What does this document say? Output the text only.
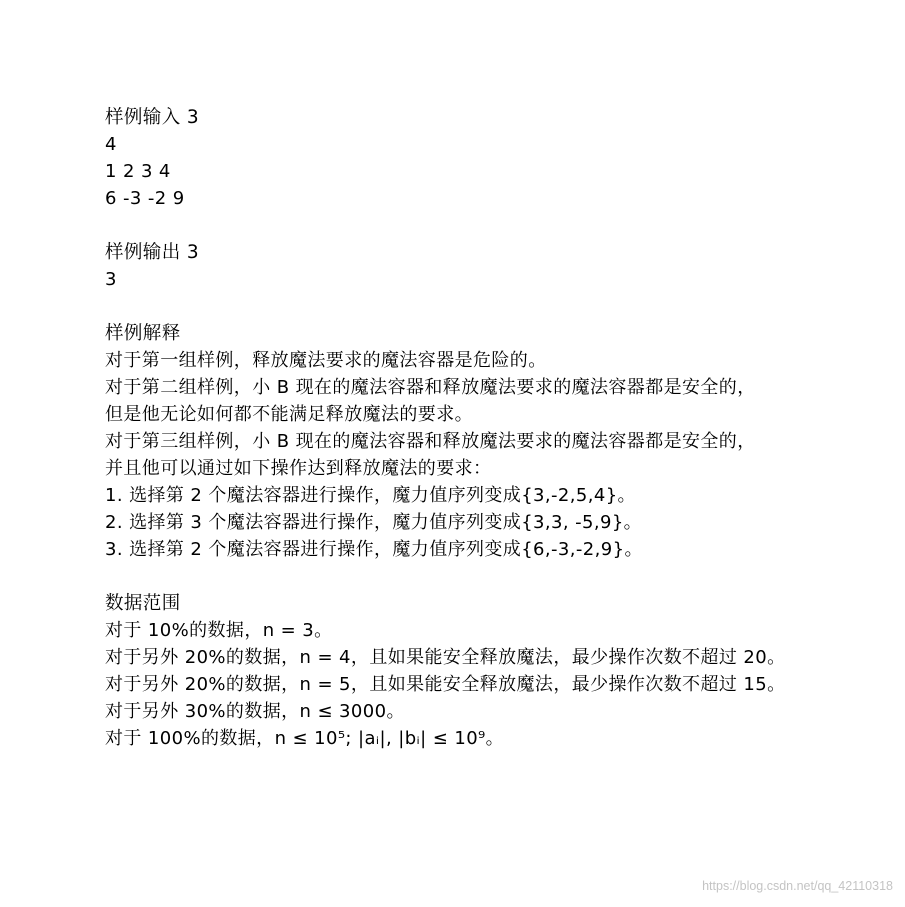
样例输入 3
4
1 2 3 4
6 -3 -2 9
样例输出 3
3
样例解释
对于第一组样例，释放魔法要求的魔法容器是危险的。
对于第二组样例，小 B 现在的魔法容器和释放魔法要求的魔法容器都是安全的，
但是他无论如何都不能满足释放魔法的要求。
对于第三组样例，小 B 现在的魔法容器和释放魔法要求的魔法容器都是安全的，
并且他可以通过如下操作达到释放魔法的要求：
1. 选择第 2 个魔法容器进行操作，魔力值序列变成{3,-2,5,4}。
2. 选择第 3 个魔法容器进行操作，魔力值序列变成{3,3, -5,9}。
3. 选择第 2 个魔法容器进行操作，魔力值序列变成{6,-3,-2,9}。
数据范围
对于 10%的数据，n = 3。
对于另外 20%的数据，n = 4，且如果能安全释放魔法，最少操作次数不超过 20。
对于另外 20%的数据，n = 5，且如果能安全释放魔法，最少操作次数不超过 15。
对于另外 30%的数据，n ≤ 3000。
对于 100%的数据，n ≤ 10⁵; |aᵢ|, |bᵢ| ≤ 10⁹。
https://blog.csdn.net/qq_42110318
